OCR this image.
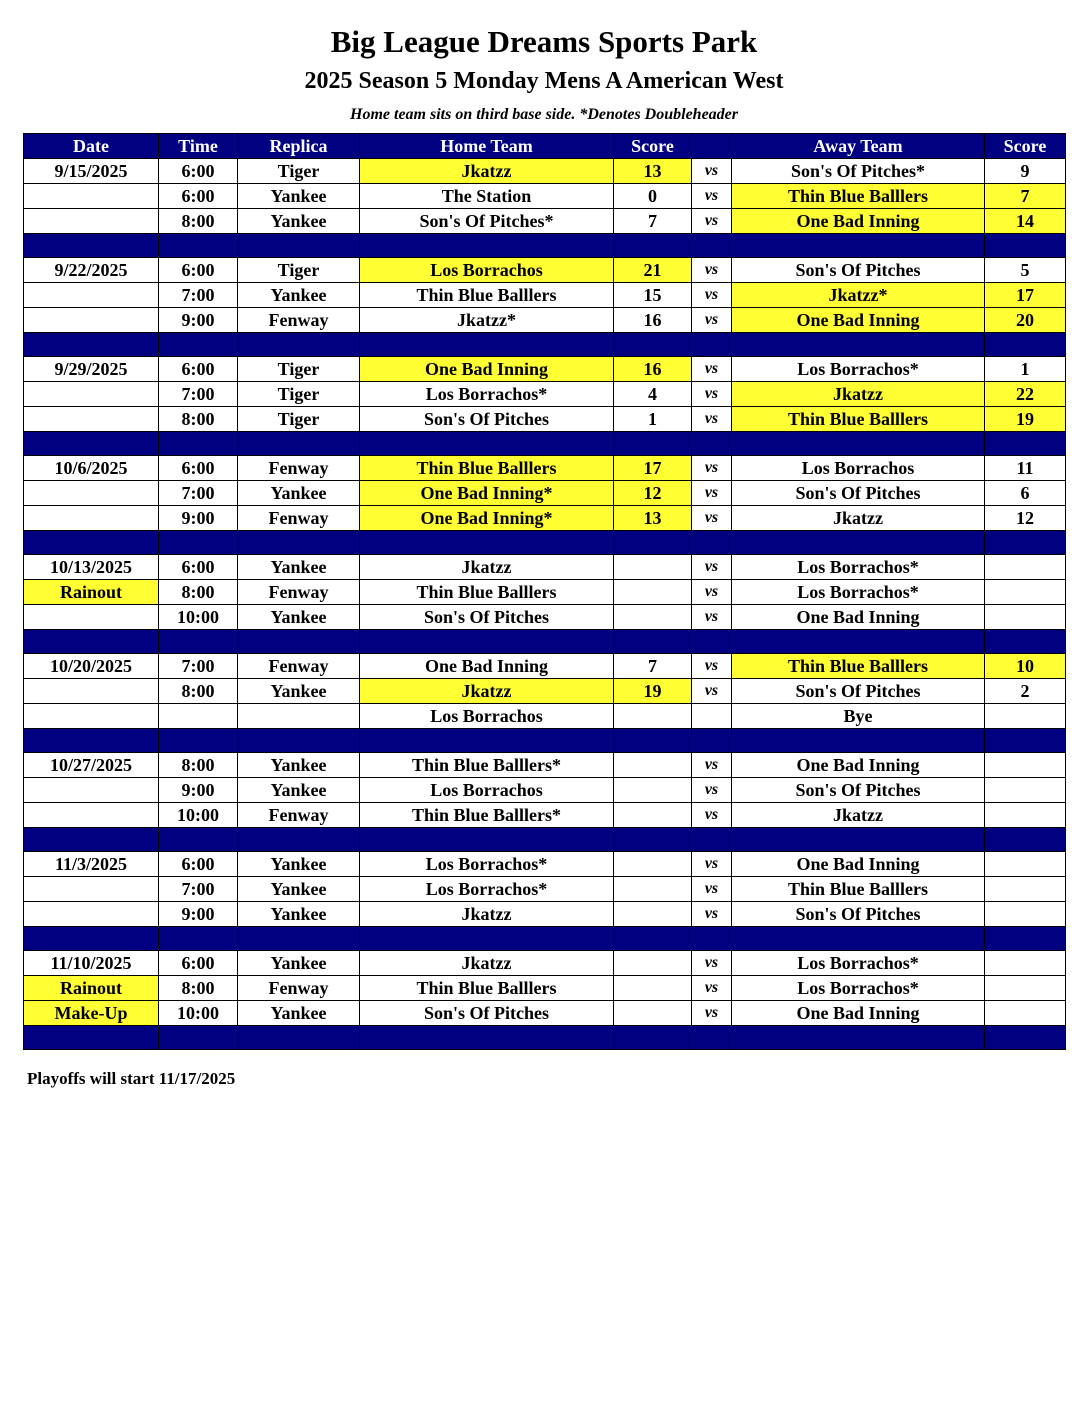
Big League Dreams Sports Park
2025 Season 5 Monday Mens A American West
Home team sits on third base side. *Denotes Doubleheader
Date	Time	Replica	Home Team	Score		Away Team	Score
9/15/2025	6:00	Tiger	Jkatzz	13	vs	Son's Of Pitches*	9
	6:00	Yankee	The Station	0	vs	Thin Blue Balllers	7
	8:00	Yankee	Son's Of Pitches*	7	vs	One Bad Inning	14

9/22/2025	6:00	Tiger	Los Borrachos	21	vs	Son's Of Pitches	5
	7:00	Yankee	Thin Blue Balllers	15	vs	Jkatzz*	17
	9:00	Fenway	Jkatzz*	16	vs	One Bad Inning	20

9/29/2025	6:00	Tiger	One Bad Inning	16	vs	Los Borrachos*	1
	7:00	Tiger	Los Borrachos*	4	vs	Jkatzz	22
	8:00	Tiger	Son's Of Pitches	1	vs	Thin Blue Balllers	19

10/6/2025	6:00	Fenway	Thin Blue Balllers	17	vs	Los Borrachos	11
	7:00	Yankee	One Bad Inning*	12	vs	Son's Of Pitches	6
	9:00	Fenway	One Bad Inning*	13	vs	Jkatzz	12

10/13/2025	6:00	Yankee	Jkatzz		vs	Los Borrachos*	
Rainout	8:00	Fenway	Thin Blue Balllers		vs	Los Borrachos*	
	10:00	Yankee	Son's Of Pitches		vs	One Bad Inning	

10/20/2025	7:00	Fenway	One Bad Inning	7	vs	Thin Blue Balllers	10
	8:00	Yankee	Jkatzz	19	vs	Son's Of Pitches	2
			Los Borrachos			Bye	

10/27/2025	8:00	Yankee	Thin Blue Balllers*		vs	One Bad Inning	
	9:00	Yankee	Los Borrachos		vs	Son's Of Pitches	
	10:00	Fenway	Thin Blue Balllers*		vs	Jkatzz	

11/3/2025	6:00	Yankee	Los Borrachos*		vs	One Bad Inning	
	7:00	Yankee	Los Borrachos*		vs	Thin Blue Balllers	
	9:00	Yankee	Jkatzz		vs	Son's Of Pitches	

11/10/2025	6:00	Yankee	Jkatzz		vs	Los Borrachos*	
Rainout	8:00	Fenway	Thin Blue Balllers		vs	Los Borrachos*	
Make-Up	10:00	Yankee	Son's Of Pitches		vs	One Bad Inning	

Playoffs will start 11/17/2025
